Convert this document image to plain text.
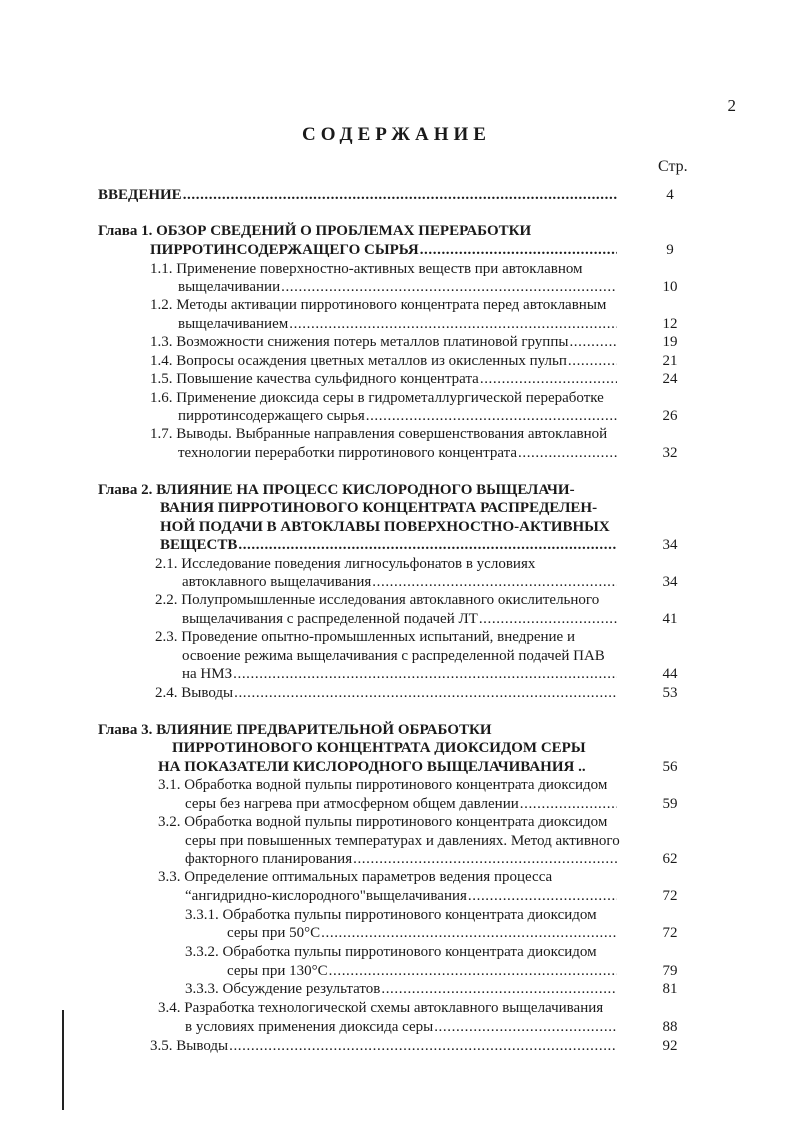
2
СОДЕРЖАНИЕ
Стр.
ВВЕДЕНИЕ .....	4
Глава 1. ОБЗОР СВЕДЕНИЙ О ПРОБЛЕМАХ ПЕРЕРАБОТКИ
ПИРРОТИНСОДЕРЖАЩЕГО СЫРЬЯ .....	9
1.1. Применение поверхностно-активных веществ при автоклавном
выщелачивании .....	10
1.2. Методы активации пирротинового концентрата перед автоклавным
выщелачиванием .....	12
1.3. Возможности снижения потерь металлов платиновой группы .....	19
1.4. Вопросы осаждения цветных металлов из окисленных пульп .....	21
1.5. Повышение качества сульфидного концентрата .....	24
1.6. Применение диоксида серы в гидрометаллургической переработке
пирротинсодержащего сырья .....	26
1.7. Выводы. Выбранные направления совершенствования автоклавной
технологии переработки пирротинового концентрата .....	32
Глава 2. ВЛИЯНИЕ НА ПРОЦЕСС КИСЛОРОДНОГО ВЫЩЕЛАЧИ-
ВАНИЯ ПИРРОТИНОВОГО КОНЦЕНТРАТА РАСПРЕДЕЛЕН-
НОЙ ПОДАЧИ В АВТОКЛАВЫ ПОВЕРХНОСТНО-АКТИВНЫХ
ВЕЩЕСТВ .....	34
2.1. Исследование поведения лигносульфонатов в условиях
автоклавного выщелачивания .....	34
2.2. Полупромышленные исследования автоклавного окислительного
выщелачивания с распределенной подачей ЛТ .....	41
2.3. Проведение опытно-промышленных испытаний, внедрение и
освоение режима выщелачивания с распределенной подачей ПАВ
на НМЗ .....	44
2.4. Выводы .....	53
Глава 3. ВЛИЯНИЕ ПРЕДВАРИТЕЛЬНОЙ ОБРАБОТКИ
ПИРРОТИНОВОГО КОНЦЕНТРАТА ДИОКСИДОМ СЕРЫ
НА ПОКАЗАТЕЛИ КИСЛОРОДНОГО ВЫЩЕЛАЧИВАНИЯ ..	56
3.1. Обработка водной пульпы пирротинового концентрата диоксидом
серы без нагрева при атмосферном общем давлении .....	59
3.2. Обработка водной пульпы пирротинового концентрата диоксидом
серы при повышенных температурах и давлениях. Метод активного
факторного планирования .....	62
3.3. Определение оптимальных параметров ведения процесса
“ангидридно-кислородного"выщелачивания .....	72
3.3.1. Обработка пульпы пирротинового концентрата диоксидом
серы при 50°С .....	72
3.3.2. Обработка пульпы пирротинового концентрата диоксидом
серы при 130°С .....	79
3.3.3. Обсуждение результатов .....	81
3.4. Разработка технологической схемы автоклавного выщелачивания
в условиях применения диоксида серы .....	88
3.5. Выводы .....	92
